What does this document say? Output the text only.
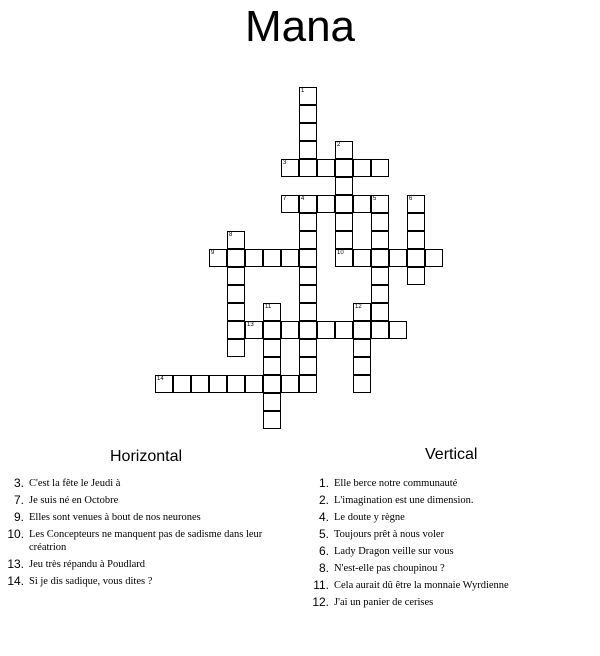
Mana
3
7 4	5
9	10
13
14
1
2
6
8
11	12
Horizontal	Vertical
3. C'est la fête le Jeudi à
7. Je suis né en Octobre
9. Elles sont venues à bout de nos neurones
10. Les Concepteurs ne manquent pas de sadisme dans leur créatrion
13. Jeu très répandu à Poudlard
14. Si je dis sadique, vous dites ?
1. Elle berce notre communauté
2. L'imagination est une dimension.
4. Le doute y règne
5. Toujours prêt à nous voler
6. Lady Dragon veille sur vous
8. N'est-elle pas choupinou ?
11. Cela aurait dû être la monnaie Wyrdienne
12. J'ai un panier de cerises
